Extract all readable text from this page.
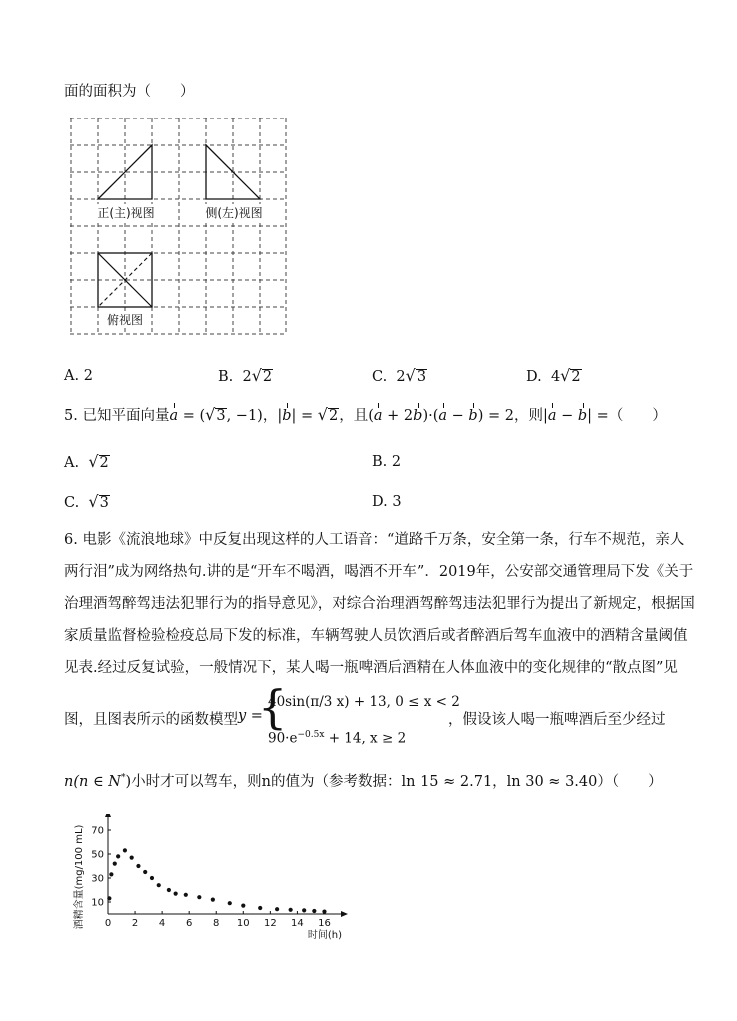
面的面积为（　　）
正(主)视图	侧(左)视图
俯视图
A. 2	B. 2√2	C. 2√3	D. 4√2
5. 已知平面向量a = (√3, −1)，|b| = √2，且(a + 2b)·(a − b) = 2，则|a − b| =（　　）
A. √2	B. 2
C. √3	D. 3
6. 电影《流浪地球》中反复出现这样的人工语音：“道路千万条，安全第一条，行车不规范，亲人
两行泪”成为网络热句.讲的是“开车不喝酒，喝酒不开车”．2019年，公安部交通管理局下发《关于
治理酒驾醉驾违法犯罪行为的指导意见》，对综合治理酒驾醉驾违法犯罪行为提出了新规定，根据国
家质量监督检验检疫总局下发的标准，车辆驾驶人员饮酒后或者醉酒后驾车血液中的酒精含量阈值
见表.经过反复试验，一般情况下，某人喝一瓶啤酒后酒精在人体血液中的变化规律的“散点图”见
图，且图表所示的函数模型 y =
{
40sin(π/3 x) + 13, 0 ≤ x < 2
$90\cdot e^{-0.5x} + 14$, x ≥ 2
，假设该人喝一瓶啤酒后至少经过
n(n ∈ N*)小时才可以驾车，则n的值为（参考数据：ln 15 ≈ 2.71，ln 30 ≈ 3.40）（　　）
0 2 4 6 8 10 12 14 16
10
30
50
70
时间(h)
酒精含量(mg/100 mL)
